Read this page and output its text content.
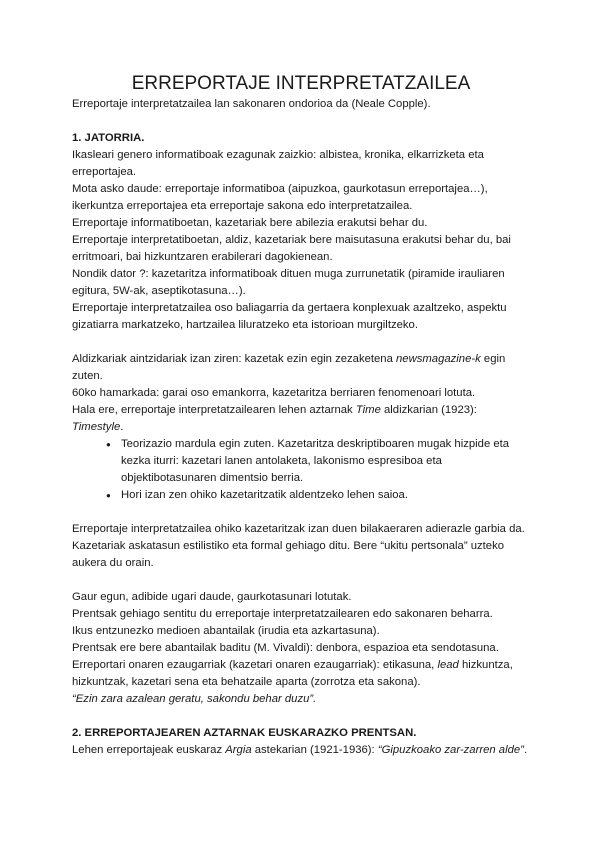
ERREPORTAJE INTERPRETATZAILEA

Erreportaje interpretatzailea lan sakonaren ondorioa da (Neale Copple).

1. JATORRIA.

Ikasleari genero informatiboak ezagunak zaizkio: albistea, kronika, elkarrizketa eta erreportajea.

Mota asko daude: erreportaje informatiboa (aipuzkoa, gaurkotasun erreportajea…), ikerkuntza erreportajea eta erreportaje sakona edo interpretatzailea.

Erreportaje informatiboetan, kazetariak bere abilezia erakutsi behar du.

Erreportaje interpretatiboetan, aldiz, kazetariak bere maisutasuna erakutsi behar du, bai erritmoari, bai hizkuntzaren erabilerari dagokienean.

Nondik dator ?: kazetaritza informatiboak dituen muga zurrunetatik (piramide irauliaren egitura, 5W-ak, aseptikotasuna…).

Erreportaje interpretatzailea oso baliagarria da gertaera konplexuak azaltzeko, aspektu gizatiarra markatzeko, hartzailea liluratzeko eta istorioan murgiltzeko.

Aldizkariak aintzidariak izan ziren: kazetak ezin egin zezaketena newsmagazine-k egin zuten.

60ko hamarkada: garai oso emankorra, kazetaritza berriaren fenomenoari lotuta.

Hala ere, erreportaje interpretatzailearen lehen aztarnak Time aldizkarian (1923): Timestyle.

● Teorizazio mardula egin zuten. Kazetaritza deskriptiboaren mugak hizpide eta kezka iturri: kazetari lanen antolaketa, lakonismo espresiboa eta objektibotasunaren dimentsio berria.
● Hori izan zen ohiko kazetaritzatik aldentzeko lehen saioa.

Erreportaje interpretatzailea ohiko kazetaritzak izan duen bilakaeraren adierazle garbia da. Kazetariak askatasun estilistiko eta formal gehiago ditu. Bere “ukitu pertsonala” uzteko aukera du orain.

Gaur egun, adibide ugari daude, gaurkotasunari lotutak.

Prentsak gehiago sentitu du erreportaje interpretatzailearen edo sakonaren beharra.

Ikus entzunezko medioen abantailak (irudia eta azkartasuna).

Prentsak ere bere abantailak baditu (M. Vivaldi): denbora, espazioa eta sendotasuna.

Erreportari onaren ezaugarriak (kazetari onaren ezaugarriak): etikasuna, lead hizkuntza, hizkuntzak, kazetari sena eta behatzaile aparta (zorrotza eta sakona).

“Ezin zara azalean geratu, sakondu behar duzu”.

2. ERREPORTAJEAREN AZTARNAK EUSKARAZKO PRENTSAN.

Lehen erreportajeak euskaraz Argia astekarian (1921-1936): “Gipuzkoako zar-zarren alde”.
